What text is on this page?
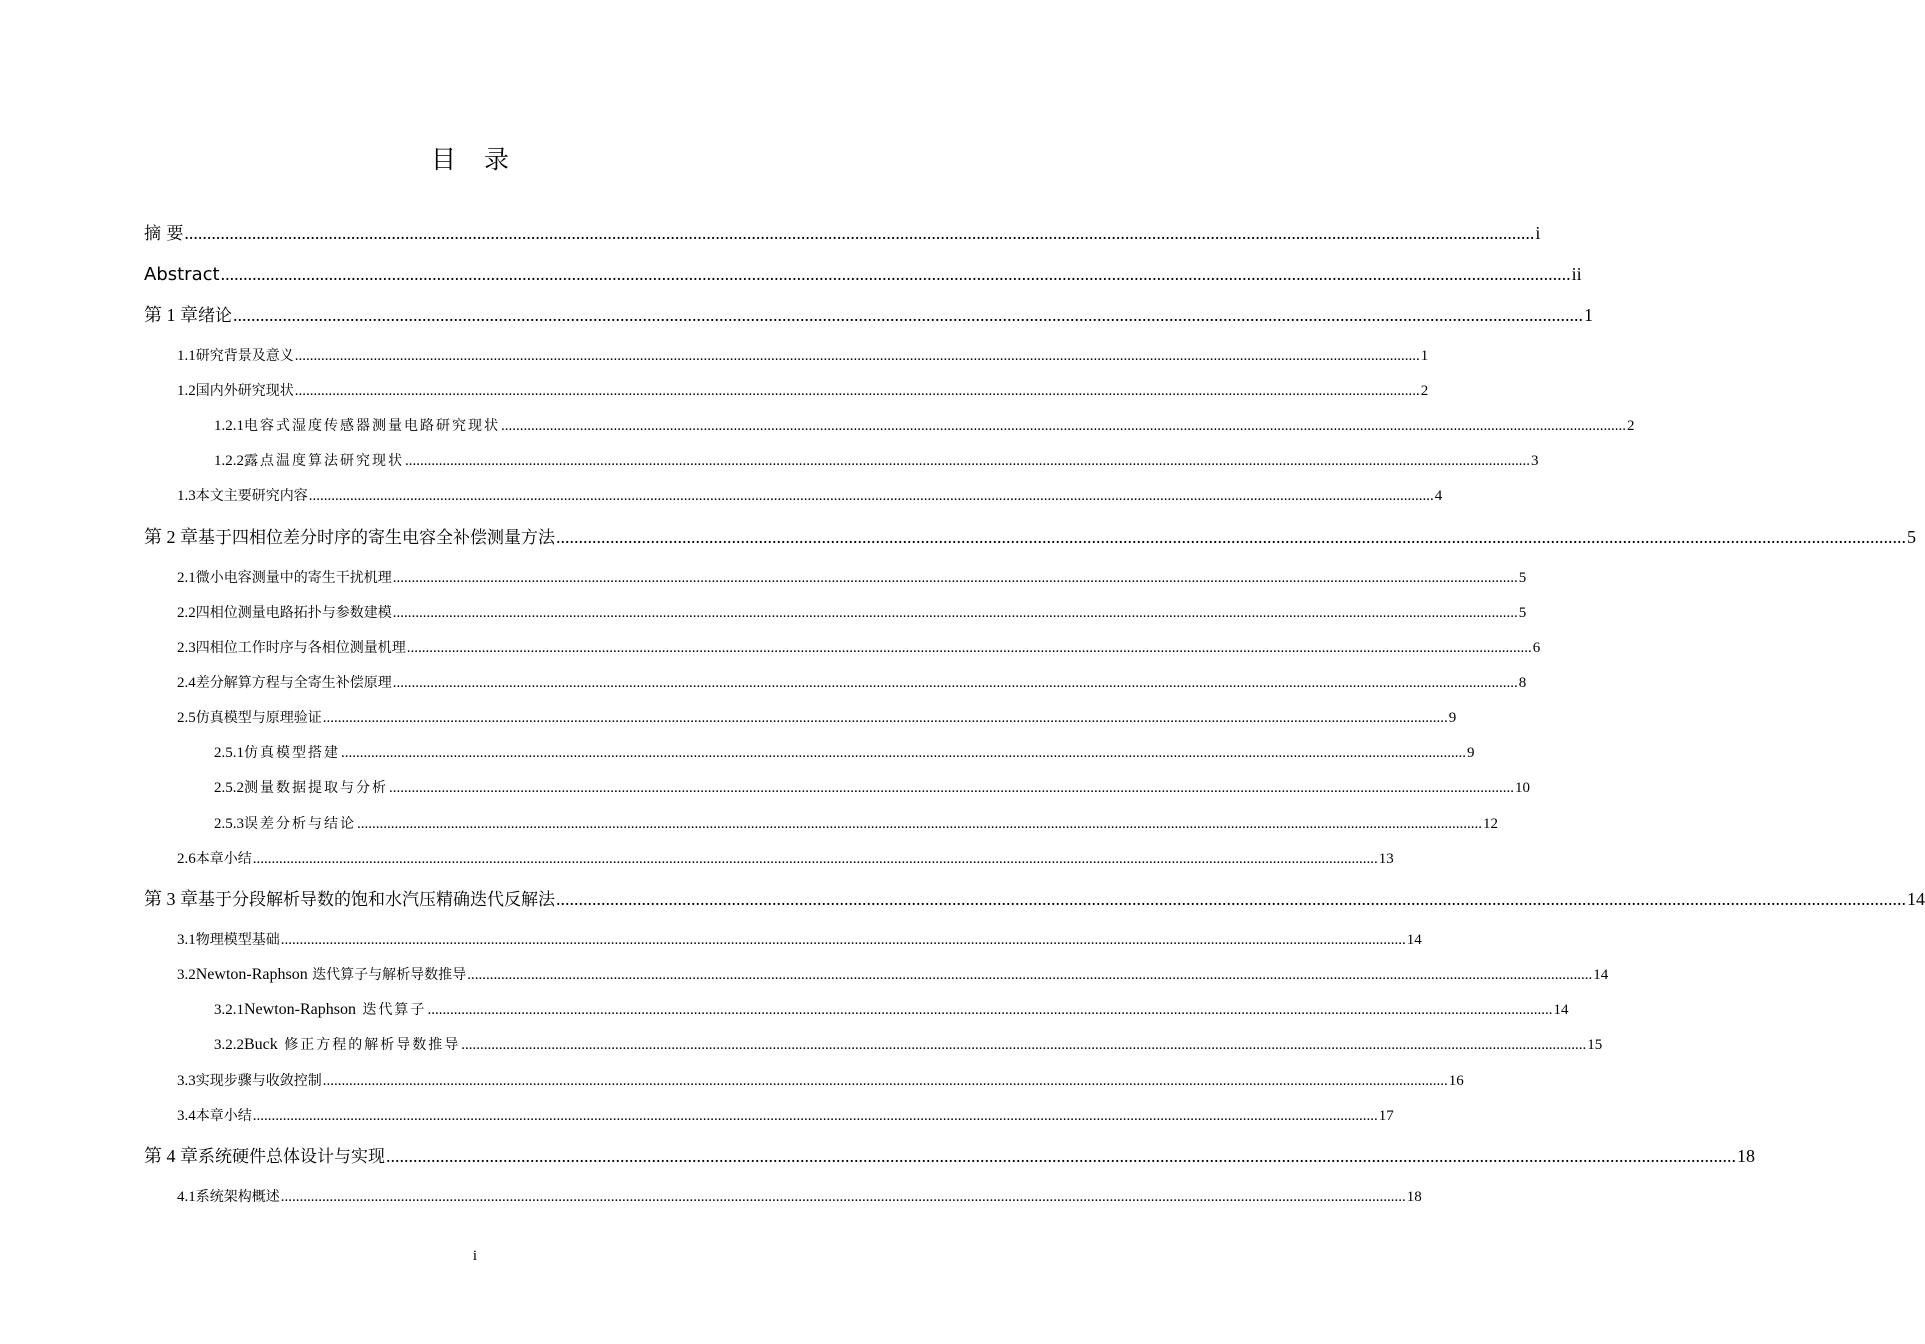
目 录
摘 要 ............................................................................................................................................................................................................................................................................................................ i
Abstract ............................................................................................................................................................................................................................................................................................................ ii
第 1 章 绪论 ............................................................................................................................................................................................................................................................................................................ 1
1.1 研究背景及意义 ............................................................................................................................................................................................................................................................................................................ 1
1.2 国内外研究现状 ............................................................................................................................................................................................................................................................................................................ 2
1.2.1 电容式湿度传感器测量电路研究现状 ............................................................................................................................................................................................................................................................................................................ 2
1.2.2 露点温度算法研究现状 ............................................................................................................................................................................................................................................................................................................ 3
1.3 本文主要研究内容 ............................................................................................................................................................................................................................................................................................................ 4
第 2 章 基于四相位差分时序的寄生电容全补偿测量方法 ............................................................................................................................................................................................................................................................................................................ 5
2.1 微小电容测量中的寄生干扰机理 ............................................................................................................................................................................................................................................................................................................ 5
2.2 四相位测量电路拓扑与参数建模 ............................................................................................................................................................................................................................................................................................................ 5
2.3 四相位工作时序与各相位测量机理 ............................................................................................................................................................................................................................................................................................................ 6
2.4 差分解算方程与全寄生补偿原理 ............................................................................................................................................................................................................................................................................................................ 8
2.5 仿真模型与原理验证 ............................................................................................................................................................................................................................................................................................................ 9
2.5.1 仿真模型搭建 ............................................................................................................................................................................................................................................................................................................ 9
2.5.2 测量数据提取与分析 ............................................................................................................................................................................................................................................................................................................ 10
2.5.3 误差分析与结论 ............................................................................................................................................................................................................................................................................................................ 12
2.6 本章小结 ............................................................................................................................................................................................................................................................................................................ 13
第 3 章 基于分段解析导数的饱和水汽压精确迭代反解法 ............................................................................................................................................................................................................................................................................................................ 14
3.1 物理模型基础 ............................................................................................................................................................................................................................................................................................................ 14
3.2 Newton-Raphson 迭代算子与解析导数推导 ............................................................................................................................................................................................................................................................................................................ 14
3.2.1 Newton-Raphson 迭代算子 ............................................................................................................................................................................................................................................................................................................ 14
3.2.2 Buck 修正方程的解析导数推导 ............................................................................................................................................................................................................................................................................................................ 15
3.3 实现步骤与收敛控制 ............................................................................................................................................................................................................................................................................................................ 16
3.4 本章小结 ............................................................................................................................................................................................................................................................................................................ 17
第 4 章 系统硬件总体设计与实现 ............................................................................................................................................................................................................................................................................................................ 18
4.1 系统架构概述 ............................................................................................................................................................................................................................................................................................................ 18
i
